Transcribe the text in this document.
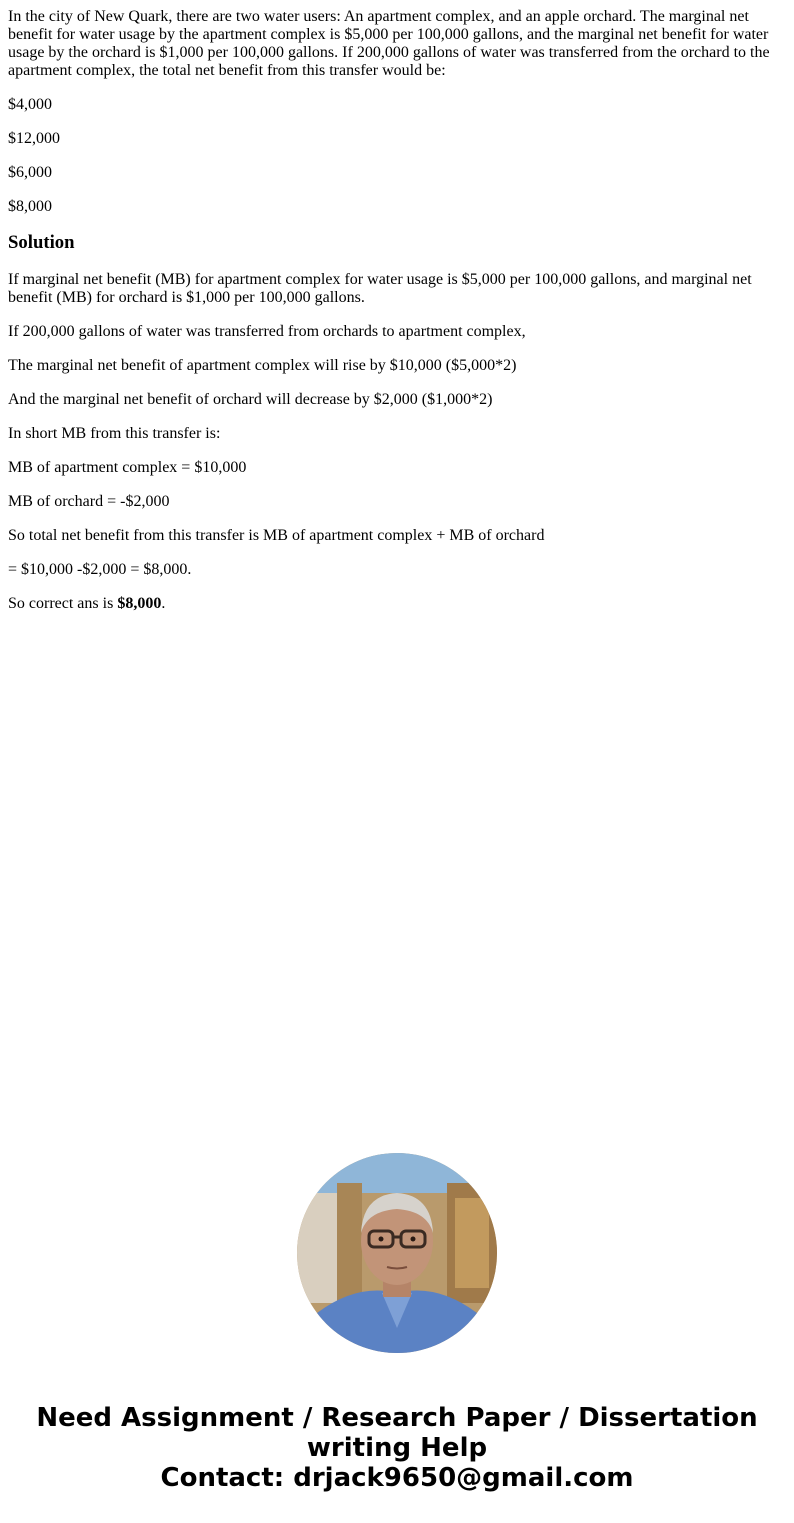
In the city of New Quark, there are two water users: An apartment complex, and an apple orchard. The marginal net benefit for water usage by the apartment complex is $5,000 per 100,000 gallons, and the marginal net benefit for water usage by the orchard is $1,000 per 100,000 gallons. If 200,000 gallons of water was transferred from the orchard to the apartment complex, the total net benefit from this transfer would be:

$4,000

$12,000

$6,000

$8,000

Solution

If marginal net benefit (MB) for apartment complex for water usage is $5,000 per 100,000 gallons, and marginal net benefit (MB) for orchard is $1,000 per 100,000 gallons.

If 200,000 gallons of water was transferred from orchards to apartment complex,

The marginal net benefit of apartment complex will rise by $10,000 ($5,000*2)

And the marginal net benefit of orchard will decrease by $2,000 ($1,000*2)

In short MB from this transfer is:

MB of apartment complex = $10,000

MB of orchard = -$2,000

So total net benefit from this transfer is MB of apartment complex + MB of orchard

= $10,000 -$2,000 = $8,000.

So correct ans is $8,000.

Need Assignment / Research Paper / Dissertation
writing Help
Contact: drjack9650@gmail.com
